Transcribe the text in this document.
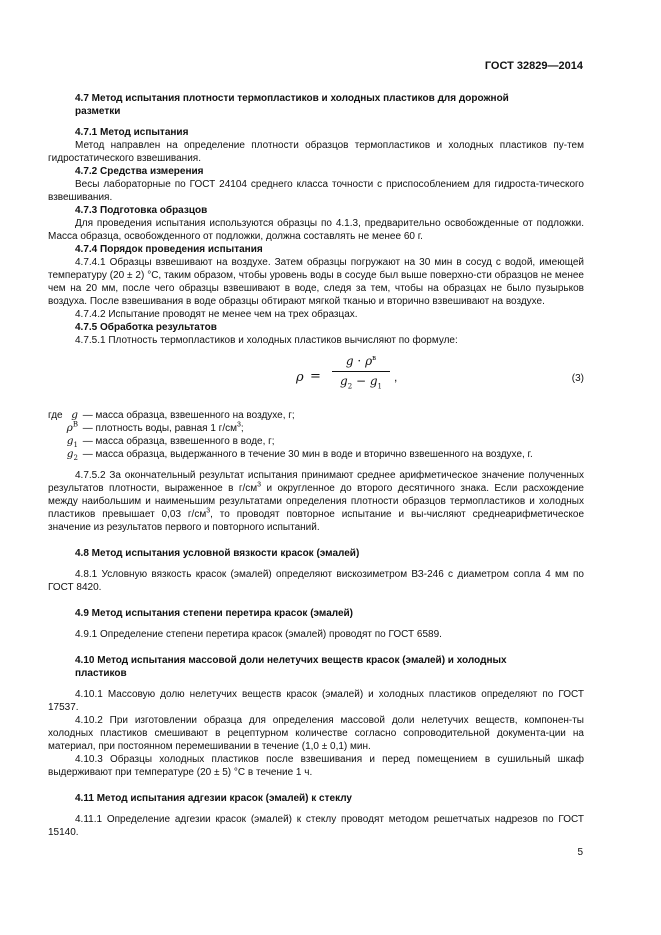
ГОСТ 32829—2014
4.7 Метод испытания плотности термопластиков и холодных пластиков для дорожной
разметки
4.7.1 Метод испытания
Метод направлен на определение плотности образцов термопластиков и холодных пластиков пу-тем гидростатического взвешивания.
4.7.2 Средства измерения
Весы лабораторные по ГОСТ 24104 среднего класса точности с приспособлением для гидроста-тического взвешивания.
4.7.3 Подготовка образцов
Для проведения испытания используются образцы по 4.1.3, предварительно освобожденные от подложки. Масса образца, освобожденного от подложки, должна составлять не менее 60 г.
4.7.4 Порядок проведения испытания
4.7.4.1 Образцы взвешивают на воздухе. Затем образцы погружают на 30 мин в сосуд с водой, имеющей температуру (20 ± 2) °С, таким образом, чтобы уровень воды в сосуде был выше поверхно-сти образцов не менее чем на 20 мм, после чего образцы взвешивают в воде, следя за тем, чтобы на образцах не было пузырьков воздуха. После взвешивания в воде образцы обтирают мягкой тканью и вторично взвешивают на воздухе.
4.7.4.2 Испытание проводят не менее чем на трех образцах.
4.7.5 Обработка результатов
4.7.5.1 Плотность термопластиков и холодных пластиков вычисляют по формуле:
ρ =
$g \cdot \rho^в$
$g_2 - g_1$
,	(3)
где g
— масса образца, взвешенного на воздухе, г;
$\rho^В$
— плотность воды, равная 1 $г/см^3$;
$g_1$
— масса образца, взвешенного в воде, г;
$g_2$
— масса образца, выдержанного в течение 30 мин в воде и вторично взвешенного на воздухе, г.
4.7.5.2 За окончательный результат испытания принимают среднее арифметическое значение полученных результатов плотности, выраженное в $г/см^3$ и округленное до второго десятичного знака. Если расхождение между наибольшим и наименьшим результатами определения плотности образцов термопластиков и холодных пластиков превышает 0,03 $г/см^3$, то проводят повторное испытание и вы-числяют среднеарифметическое значение из результатов первого и повторного испытаний.
4.8 Метод испытания условной вязкости красок (эмалей)
4.8.1 Условную вязкость красок (эмалей) определяют вискозиметром ВЗ-246 с диаметром сопла 4 мм по ГОСТ 8420.
4.9 Метод испытания степени перетира красок (эмалей)
4.9.1 Определение степени перетира красок (эмалей) проводят по ГОСТ 6589.
4.10 Метод испытания массовой доли нелетучих веществ красок (эмалей) и холодных
пластиков
4.10.1 Массовую долю нелетучих веществ красок (эмалей) и холодных пластиков определяют по ГОСТ 17537.
4.10.2 При изготовлении образца для определения массовой доли нелетучих веществ, компонен-ты холодных пластиков смешивают в рецептурном количестве согласно сопроводительной документа-ции на материал, при постоянном перемешивании в течение (1,0 ± 0,1) мин.
4.10.3 Образцы холодных пластиков после взвешивания и перед помещением в сушильный шкаф выдерживают при температуре (20 ± 5) °С в течение 1 ч.
4.11 Метод испытания адгезии красок (эмалей) к стеклу
4.11.1 Определение адгезии красок (эмалей) к стеклу проводят методом решетчатых надрезов по ГОСТ 15140.
5
